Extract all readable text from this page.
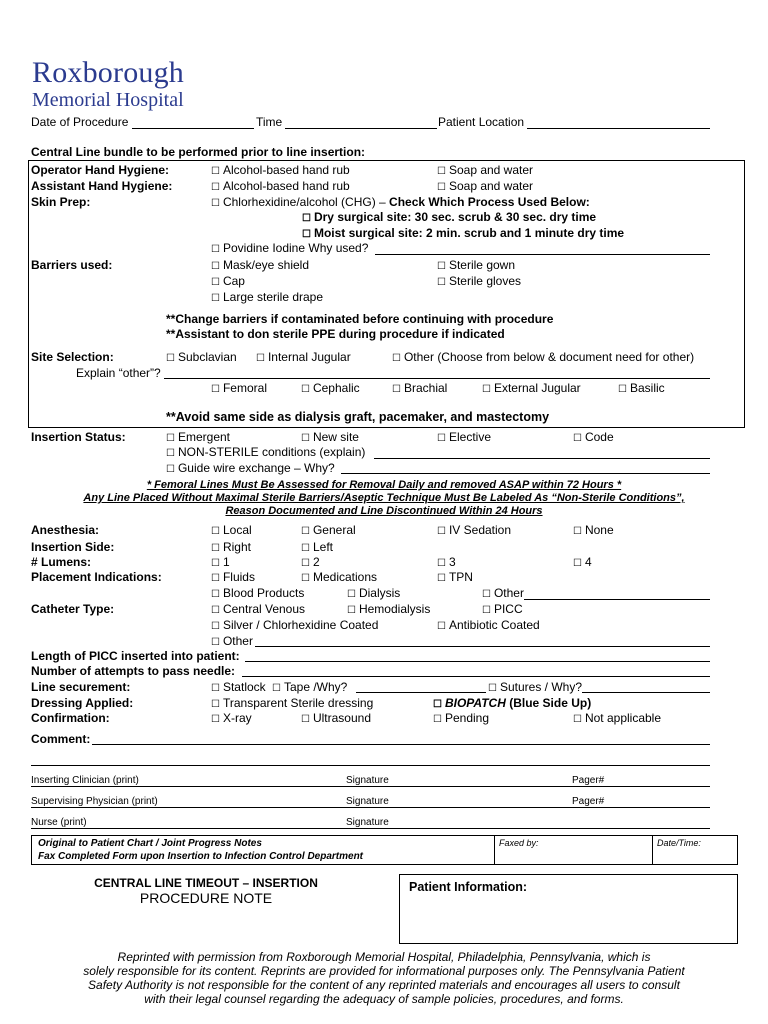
Roxborough
Memorial Hospital
Date of Procedure	Time	Patient Location
Central Line bundle to be performed prior to line insertion:
Operator Hand Hygiene:	☐ Alcohol-based hand rub	☐ Soap and water
Assistant Hand Hygiene:	☐ Alcohol-based hand rub	☐ Soap and water
Skin Prep:	☐ Chlorhexidine/alcohol (CHG) – Check Which Process Used Below:
☐ Dry surgical site: 30 sec. scrub & 30 sec. dry time
☐ Moist surgical site: 2 min. scrub and 1 minute dry time
☐ Povidine Iodine Why used?
Barriers used:	☐ Mask/eye shield	☐ Sterile gown
☐ Cap	☐ Sterile gloves
☐ Large sterile drape
**Change barriers if contaminated before continuing with procedure
**Assistant to don sterile PPE during procedure if indicated
Site Selection:	☐ Subclavian ☐ Internal Jugular	☐ Other (Choose from below & document need for other)
Explain “other”?
☐ Femoral	☐ Cephalic	☐ Brachial	☐ External Jugular	☐ Basilic
**Avoid same side as dialysis graft, pacemaker, and mastectomy
Insertion Status:	☐ Emergent	☐ New site	☐ Elective	☐ Code
☐ NON-STERILE conditions (explain)
☐ Guide wire exchange – Why?
* Femoral Lines Must Be Assessed for Removal Daily and removed ASAP within 72 Hours *
Any Line Placed Without Maximal Sterile Barriers/Aseptic Technique Must Be Labeled As “Non-Sterile Conditions”,
Reason Documented and Line Discontinued Within 24 Hours
Anesthesia:	☐ Local	☐ General	☐ IV Sedation	☐ None
Insertion Side:	☐ Right	☐ Left
# Lumens:	☐ 1	☐ 2	☐ 3	☐ 4
Placement Indications:	☐ Fluids	☐ Medications	☐ TPN
☐ Blood Products	☐ Dialysis	☐ Other
Catheter Type:	☐ Central Venous	☐ Hemodialysis	☐ PICC
☐ Silver / Chlorhexidine Coated	☐ Antibiotic Coated
☐ Other
Length of PICC inserted into patient:
Number of attempts to pass needle:
Line securement:	☐ Statlock ☐ Tape /Why?	☐ Sutures / Why?
Dressing Applied:	☐ Transparent Sterile dressing	☐ BIOPATCH (Blue Side Up)
Confirmation:	☐ X-ray	☐ Ultrasound	☐ Pending	☐ Not applicable
Comment:
Inserting Clinician (print)	Signature	Pager#
Supervising Physician (print)	Signature	Pager#
Nurse (print)	Signature
Original to Patient Chart / Joint Progress Notes
Fax Completed Form upon Insertion to Infection Control Department
Faxed by:	Date/Time:
CENTRAL LINE TIMEOUT – INSERTION
PROCEDURE NOTE
Patient Information:
Reprinted with permission from Roxborough Memorial Hospital, Philadelphia, Pennsylvania, which is
solely responsible for its content. Reprints are provided for informational purposes only. The Pennsylvania Patient
Safety Authority is not responsible for the content of any reprinted materials and encourages all users to consult
with their legal counsel regarding the adequacy of sample policies, procedures, and forms.
